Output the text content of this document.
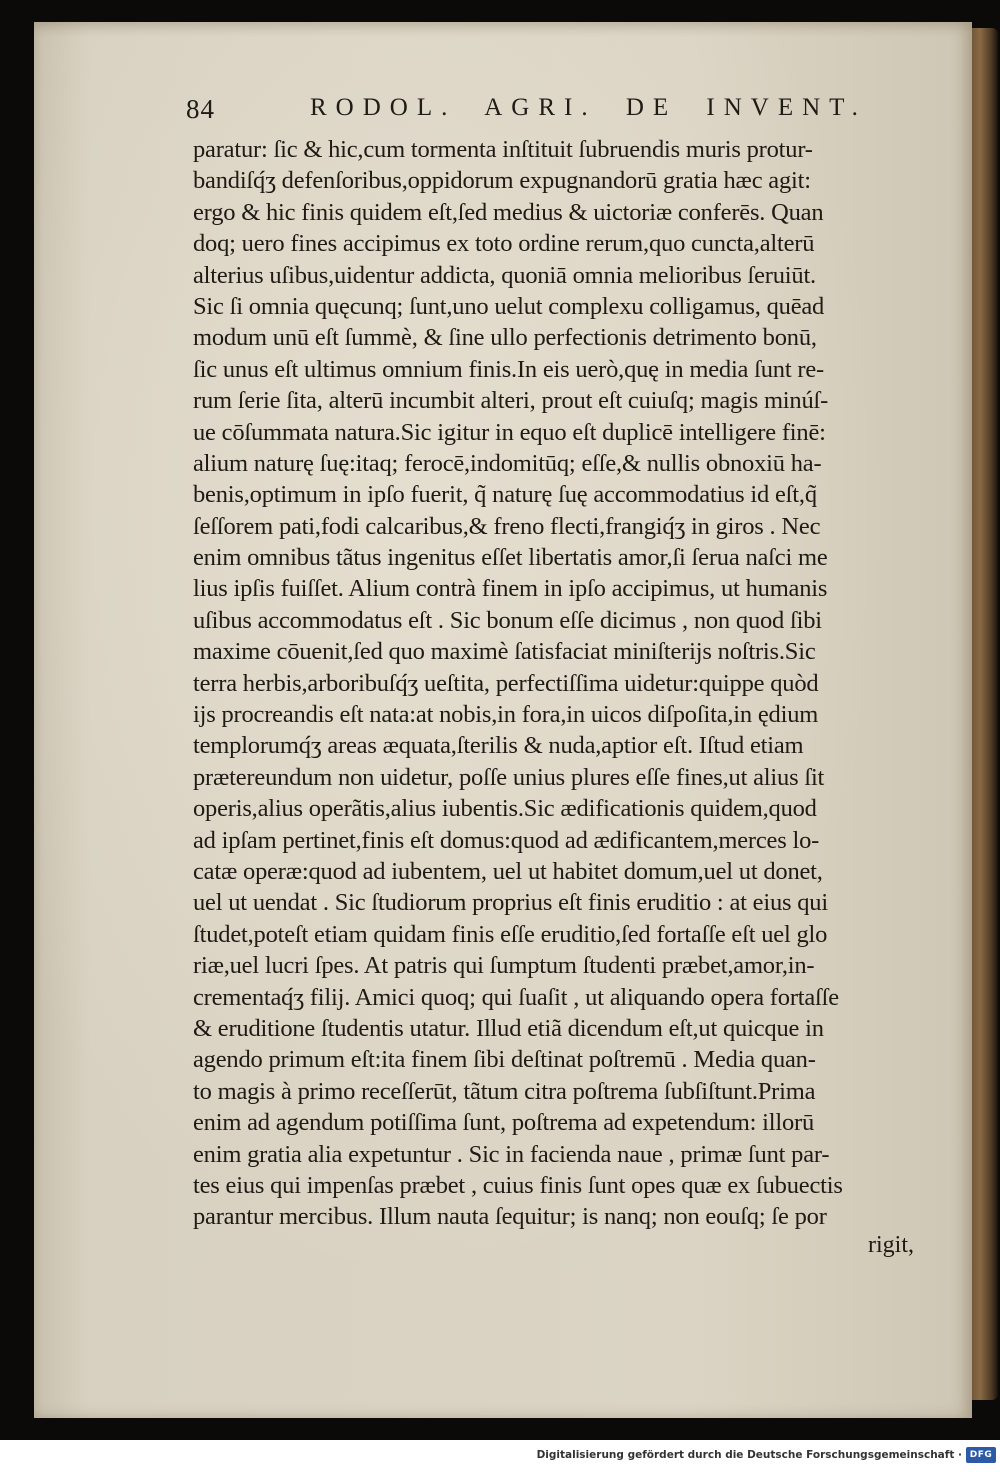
84	RODOL. AGRI. DE INVENT.
paratur: ſic & hic,cum tormenta inſtituit ſubruendis muris protur-
bandiſq́ʒ defenſoribus,oppidorum expugnandorū gratia hæc agit:
ergo & hic finis quidem eſt,ſed medius & uictoriæ conferēs. Quan
doq; uero fines accipimus ex toto ordine rerum,quo cuncta,alterū
alterius uſibus,uidentur addicta, quoniā omnia melioribus ſeruiūt.
Sic ſi omnia quęcunq; ſunt,uno uelut complexu colligamus, quēad
modum unū eſt ſummè, & ſine ullo perfectionis detrimento bonū,
ſic unus eſt ultimus omnium finis.In eis uerò,quę in media ſunt re-
rum ſerie ſita, alterū incumbit alteri, prout eſt cuiuſq; magis minúſ-
ue cōſummata natura.Sic igitur in equo eſt duplicē intelligere finē:
alium naturę ſuę:itaq; ferocē,indomitūq; eſſe,& nullis obnoxiū ha-
benis,optimum in ipſo fuerit, q̃ naturę ſuę accommodatius id eſt,q̃
ſeſſorem pati,fodi calcaribus,& freno flecti,frangiq́ʒ in giros . Nec
enim omnibus tãtus ingenitus eſſet libertatis amor,ſi ſerua naſci me
lius ipſis fuiſſet. Alium contrà finem in ipſo accipimus, ut humanis
uſibus accommodatus eſt . Sic bonum eſſe dicimus , non quod ſibi
maxime cōuenit,ſed quo maximè ſatisfaciat miniſterijs noſtris.Sic
terra herbis,arboribuſq́ʒ ueſtita, perfectiſſima uidetur:quippe quòd
ijs procreandis eſt nata:at nobis,in fora,in uicos diſpoſita,in ędium
templorumq́ʒ areas æquata,ſterilis & nuda,aptior eſt. Iſtud etiam
prætereundum non uidetur, poſſe unius plures eſſe fines,ut alius ſit
operis,alius operãtis,alius iubentis.Sic ædificationis quidem,quod
ad ipſam pertinet,finis eſt domus:quod ad ædificantem,merces lo-
catæ operæ:quod ad iubentem, uel ut habitet domum,uel ut donet,
uel ut uendat . Sic ſtudiorum proprius eſt finis eruditio : at eius qui
ſtudet,poteſt etiam quidam finis eſſe eruditio,ſed fortaſſe eſt uel glo
riæ,uel lucri ſpes. At patris qui ſumptum ſtudenti præbet,amor,in-
crementaq́ʒ filij. Amici quoq; qui ſuaſit , ut aliquando opera fortaſſe
& eruditione ſtudentis utatur. Illud etiã dicendum eſt,ut quicque in
agendo primum eſt:ita finem ſibi deſtinat poſtremū . Media quan-
to magis à primo receſſerūt, tãtum citra poſtrema ſubſiſtunt.Prima
enim ad agendum potiſſima ſunt, poſtrema ad expetendum: illorū
enim gratia alia expetuntur . Sic in facienda naue , primæ ſunt par-
tes eius qui impenſas præbet , cuius finis ſunt opes quæ ex ſubuectis
parantur mercibus. Illum nauta ſequitur; is nanq; non eouſq; ſe por
rigit,
Digitalisierung gefördert durch die Deutsche Forschungsgemeinschaft · DFG
